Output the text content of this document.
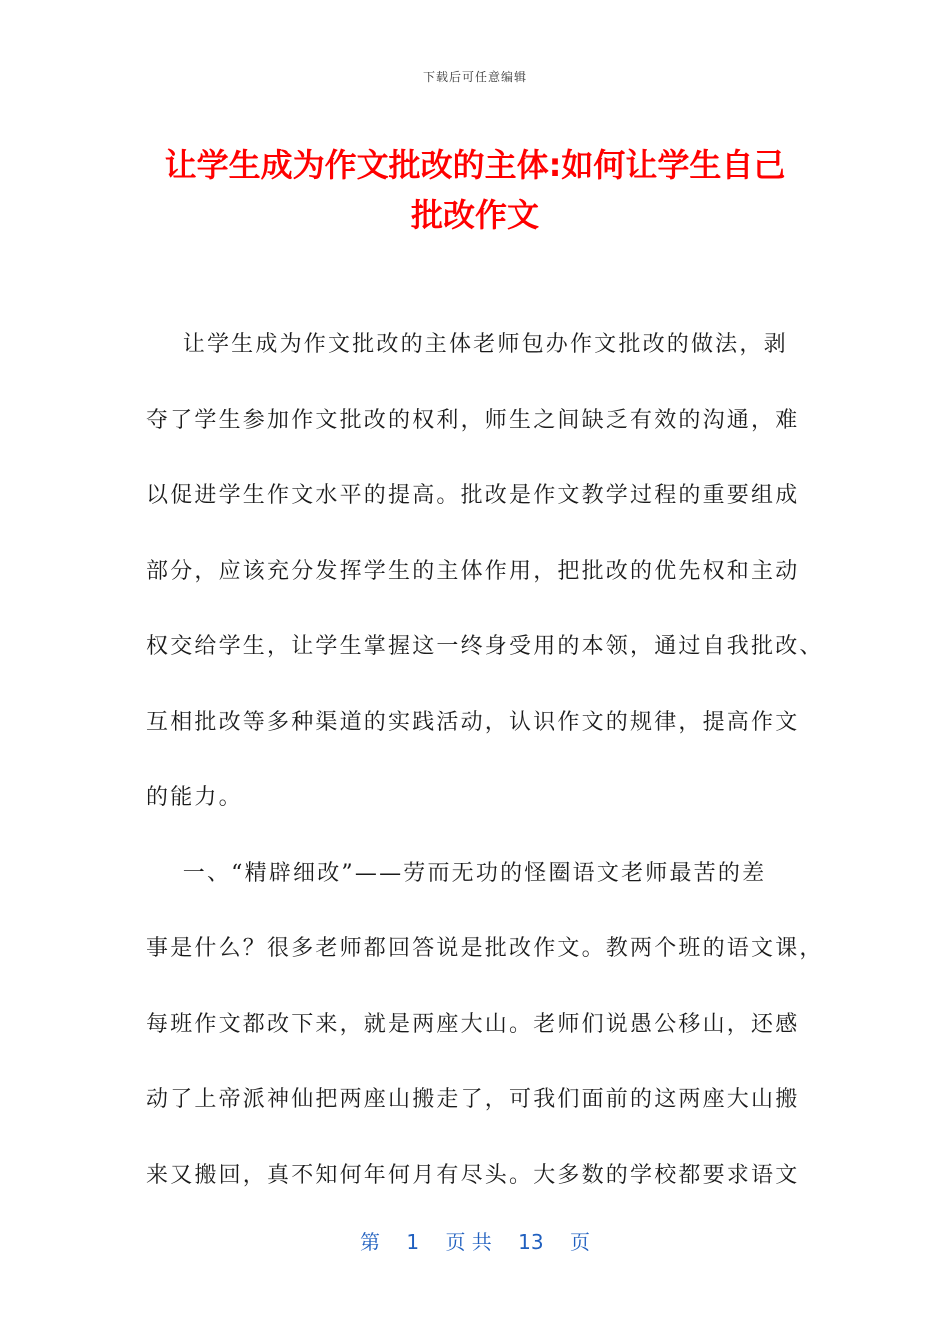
下载后可任意编辑
让学生成为作文批改的主体:如何让学生自己
批改作文
让学生成为作文批改的主体老师包办作文批改的做法，剥
夺了学生参加作文批改的权利，师生之间缺乏有效的沟通，难
以促进学生作文水平的提高。批改是作文教学过程的重要组成
部分，应该充分发挥学生的主体作用，把批改的优先权和主动
权交给学生，让学生掌握这一终身受用的本领，通过自我批改、
互相批改等多种渠道的实践活动，认识作文的规律，提高作文
的能力。
一、“精辟细改”——劳而无功的怪圈语文老师最苦的差
事是什么？很多老师都回答说是批改作文。教两个班的语文课，
每班作文都改下来，就是两座大山。老师们说愚公移山，还感
动了上帝派神仙把两座山搬走了，可我们面前的这两座大山搬
来又搬回，真不知何年何月有尽头。大多数的学校都要求语文
第 1 页 共 13 页
